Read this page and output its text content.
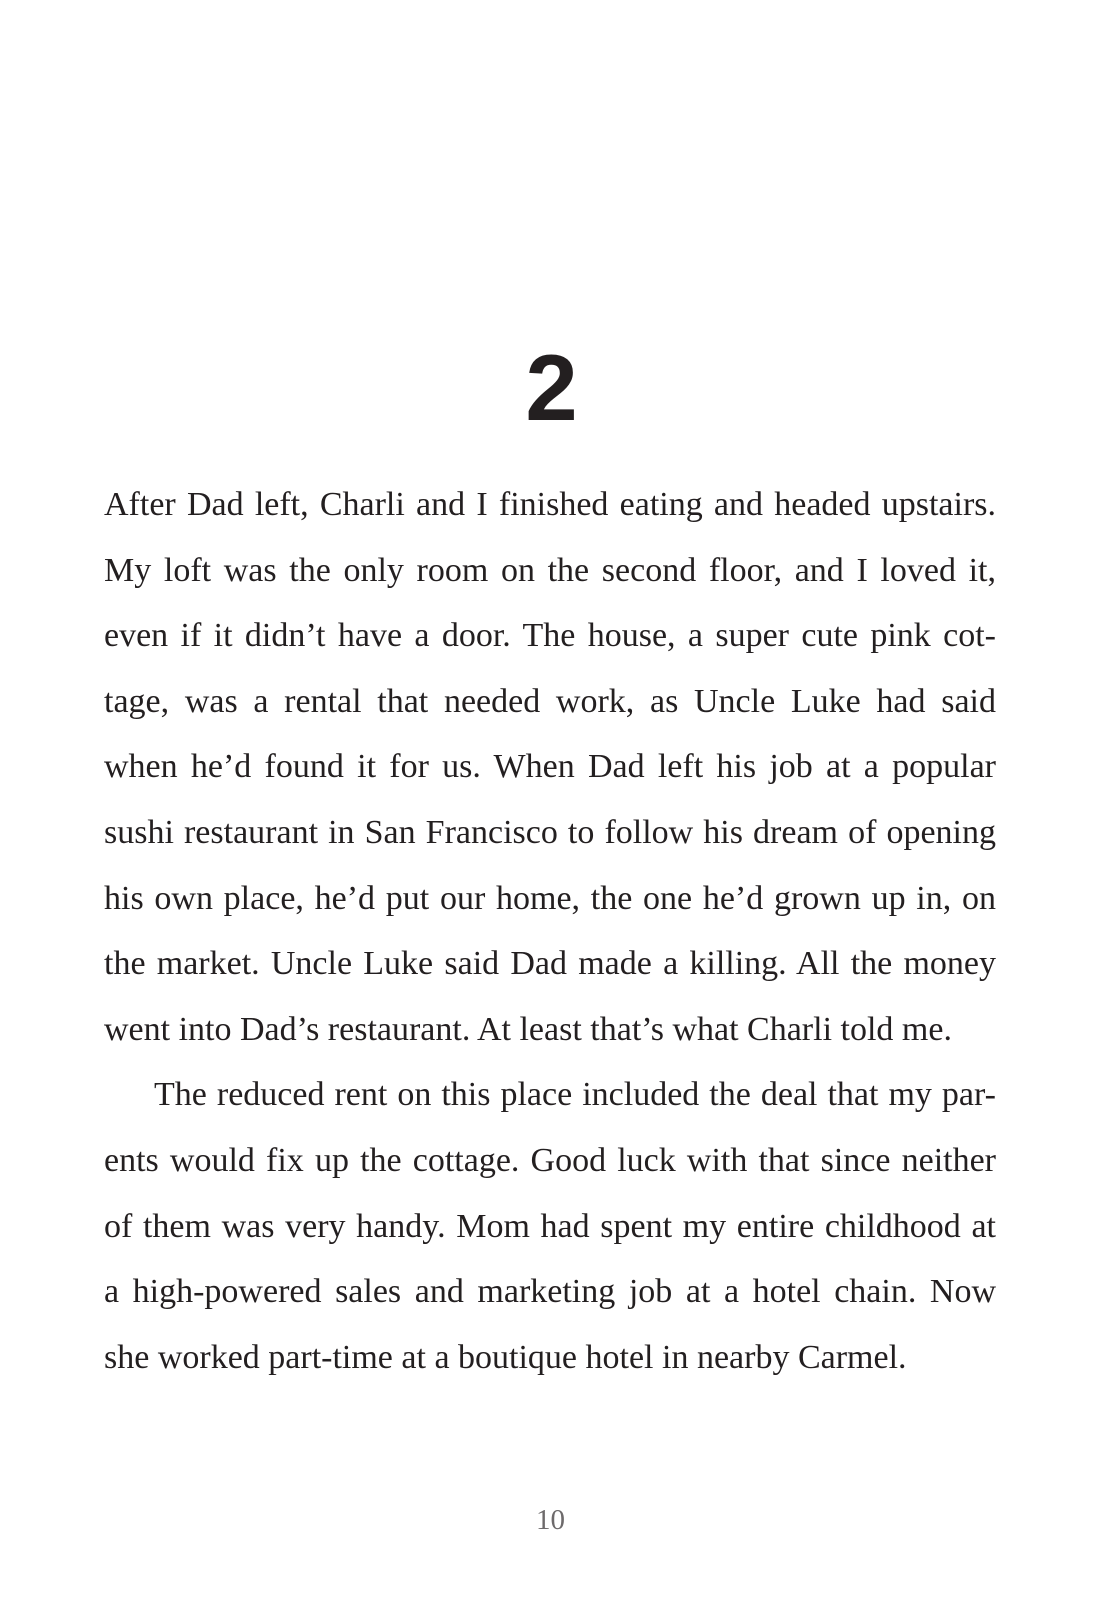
2
After Dad left, Charli and I finished eating and headed upstairs.
My loft was the only room on the second floor, and I loved it,
even if it didn’t have a door. The house, a super cute pink cot-
tage, was a rental that needed work, as Uncle Luke had said
when he’d found it for us. When Dad left his job at a popular
sushi restaurant in San Francisco to follow his dream of opening
his own place, he’d put our home, the one he’d grown up in, on
the market. Uncle Luke said Dad made a killing. All the money
went into Dad’s restaurant. At least that’s what Charli told me.
The reduced rent on this place included the deal that my par-
ents would fix up the cottage. Good luck with that since neither
of them was very handy. Mom had spent my entire childhood at
a high-powered sales and marketing job at a hotel chain. Now
she worked part-time at a boutique hotel in nearby Carmel.
10
